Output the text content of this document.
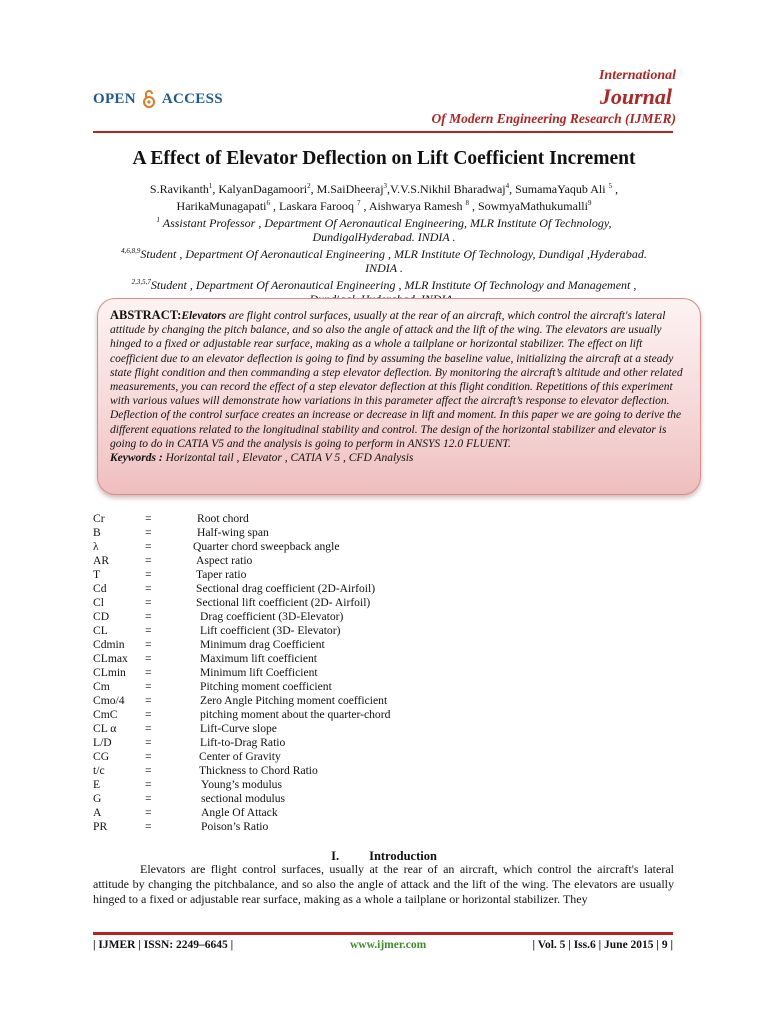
OPEN ACCESS
International
Journal
Of Modern Engineering Research (IJMER)
A Effect of Elevator Deflection on Lift Coefficient Increment
S.Ravikanth$^1$, KalyanDagamoori$^2$, M.SaiDheeraj$^3$,V.V.S.Nikhil Bharadwaj$^4$, SumamaYaqub Ali $^5$ ,
HarikaMunagapati$^6$ , Laskara Farooq $^7$ , Aishwarya Ramesh $^8$ , SowmyaMathukumalli$^9$
$^1$ Assistant Professor , Department Of Aeronautical Engineering, MLR Institute Of Technology,
DundigalHyderabad. INDIA .
$^{4,6,8,9}$Student , Department Of Aeronautical Engineering , MLR Institute Of Technology, Dundigal ,Hyderabad.
INDIA .
$^{2,3,5,7}$Student , Department Of Aeronautical Engineering , MLR Institute Of Technology and Management ,

ABSTRACT:Elevators are flight control surfaces, usually at the rear of an aircraft, which control the aircraft's lateral attitude by changing the pitch balance, and so also the angle of attack and the lift of the wing. The elevators are usually hinged to a fixed or adjustable rear surface, making as a whole a tailplane or horizontal stabilizer. The effect on lift coefficient due to an elevator deflection is going to find by assuming the baseline value, initializing the aircraft at a steady state flight condition and then commanding a step elevator deflection. By monitoring the aircraft’s altitude and other related measurements, you can record the effect of a step elevator deflection at this flight condition. Repetitions of this experiment with various values will demonstrate how variations in this parameter affect the aircraft’s response to elevator deflection. Deflection of the control surface creates an increase or decrease in lift and moment. In this paper we are going to derive the different equations related to the longitudinal stability and control. The design of the horizontal stabilizer and elevator is going to do in CATIA V5 and the analysis is going to perform in ANSYS 12.0 FLUENT.
Keywords : Horizontal tail , Elevator , CATIA V 5 , CFD Analysis
Cr	=	Root chord
B	=	Half-wing span
λ	=	Quarter chord sweepback angle
AR	=	Aspect ratio
T	=	Taper ratio
Cd	=	Sectional drag coefficient (2D-Airfoil)
Cl	=	Sectional lift coefficient (2D- Airfoil)
CD	=	Drag coefficient (3D-Elevator)
CL	=	Lift coefficient (3D- Elevator)
Cdmin	=	Minimum drag Coefficient
CLmax	=	Maximum lift coefficient
CLmin	=	Minimum lift Coefficient
Cm	=	Pitching moment coefficient
Cmo/4	=	Zero Angle Pitching moment coefficient
CmC	=	pitching moment about the quarter-chord
CL α	=	Lift-Curve slope
L/D	=	Lift-to-Drag Ratio
CG	=	Center of Gravity
t/c	=	Thickness to Chord Ratio
E	=	Young’s modulus
G	=	sectional modulus
A	=	Angle Of Attack
PR	=	Poison’s Ratio
I. Introduction
Elevators are flight control surfaces, usually at the rear of an aircraft, which control the aircraft's lateral attitude by changing the pitchbalance, and so also the angle of attack and the lift of the wing. The elevators are usually hinged to a fixed or adjustable rear surface, making as a whole a tailplane or horizontal stabilizer. They
| IJMER | ISSN: 2249–6645 |	www.ijmer.com	| Vol. 5 | Iss.6 | June 2015 | 9 |
